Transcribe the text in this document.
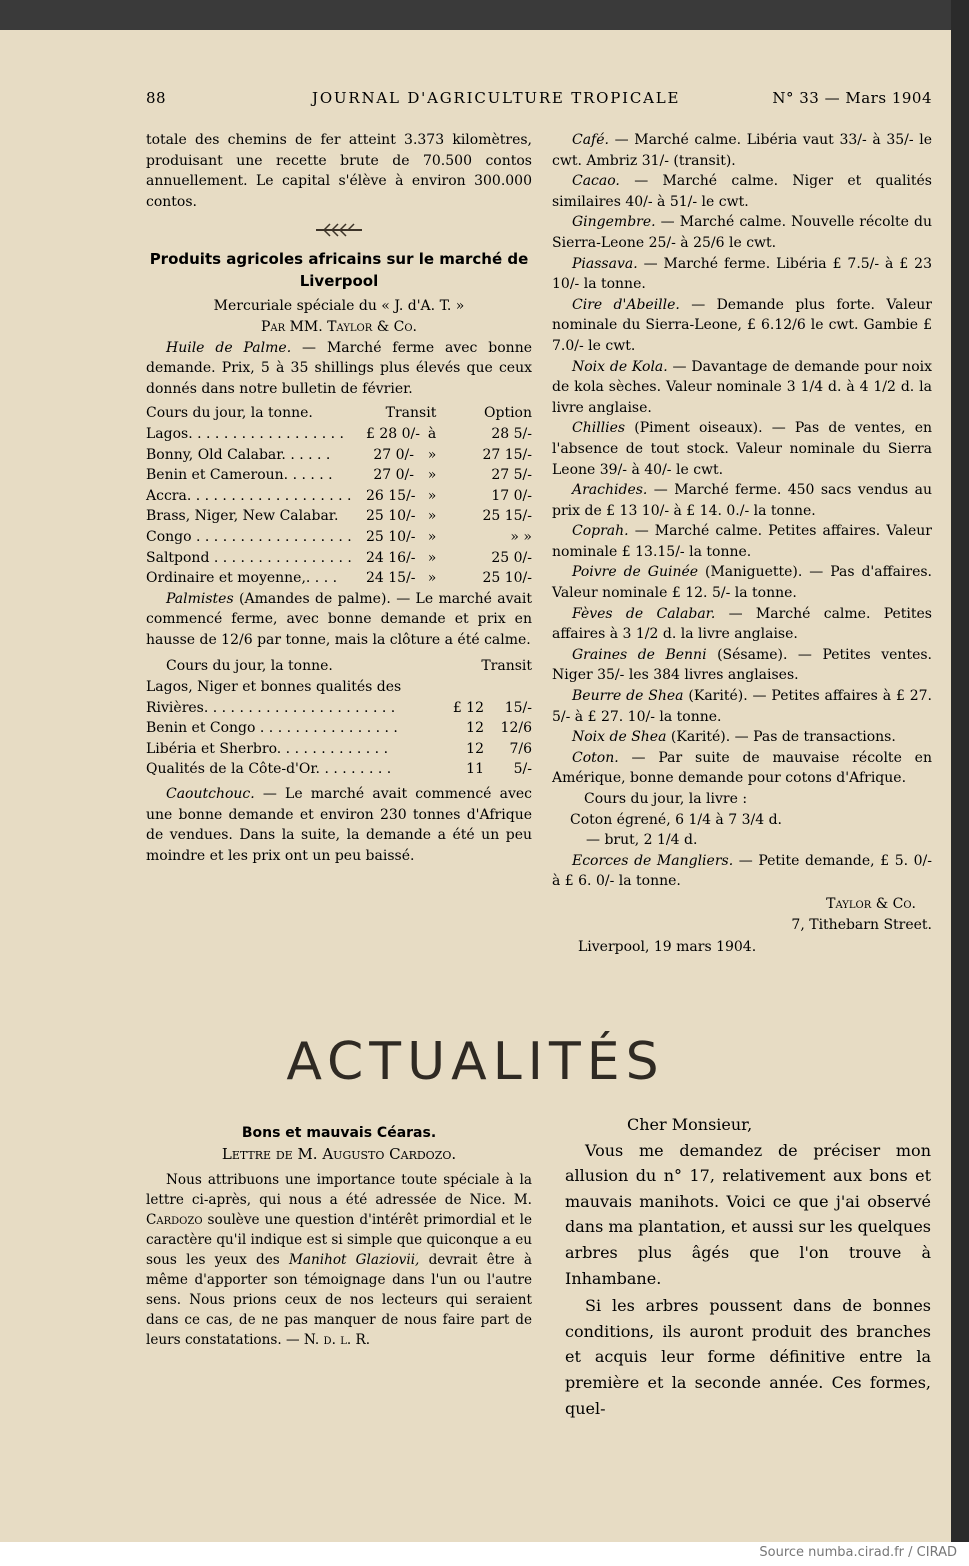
Source numba.cirad.fr / CIRAD
88	JOURNAL D'AGRICULTURE TROPICALE	N° 33 — Mars 1904

totale des chemins de fer atteint 3.373 kilomètres, produisant une recette brute de 70.500 contos annuellement. Le capital s'élève à environ 300.000 contos.

Produits agricoles africains sur le marché de Liverpool

Mercuriale spéciale du « J. d'A. T. »

Par MM. Taylor & Co.

Huile de Palme. — Marché ferme avec bonne demande. Prix, 5 à 35 shillings plus élevés que ceux donnés dans notre bulletin de février.

Cours du jour, la tonne.	Transit	Option
Lagos. . . . . . . . . . . . . . . . . .	£ 28 0/- à	28 5/-
Bonny, Old Calabar. . . . . .	27 0/- »	27 15/-
Benin et Cameroun. . . . . .	27 0/- »	27 5/-
Accra. . . . . . . . . . . . . . . . . . .	26 15/- »	17 0/-
Brass, Niger, New Calabar.	25 10/- »	25 15/-
Congo . . . . . . . . . . . . . . . . . .	25 10/- »	» »
Saltpond . . . . . . . . . . . . . . . .	24 16/- »	25 0/-
Ordinaire et moyenne,. . . .	24 15/- »	25 10/-

Palmistes (Amandes de palme). — Le marché avait commencé ferme, avec bonne demande et prix en hausse de 12/6 par tonne, mais la clôture a été calme.

Cours du jour, la tonne.	Transit
Lagos, Niger et bonnes qualités des
Rivières. . . . . . . . . . . . . . . . . . . . . .	£ 12	15/-
Benin et Congo . . . . . . . . . . . . . . . .	12	12/6
Libéria et Sherbro. . . . . . . . . . . . .	12	7/6
Qualités de la Côte-d'Or. . . . . . . . .	11	5/-

Caoutchouc. — Le marché avait commencé avec une bonne demande et environ 230 tonnes d'Afrique de vendues. Dans la suite, la demande a été un peu moindre et les prix ont un peu baissé.

Café. — Marché calme. Libéria vaut 33/- à 35/- le cwt. Ambriz 31/- (transit).

Cacao. — Marché calme. Niger et qualités similaires 40/- à 51/- le cwt.

Gingembre. — Marché calme. Nouvelle récolte du Sierra-Leone 25/- à 25/6 le cwt.

Piassava. — Marché ferme. Libéria £ 7.5/- à £ 23 10/- la tonne.

Cire d'Abeille. — Demande plus forte. Valeur nominale du Sierra-Leone, £ 6.12/6 le cwt. Gambie £ 7.0/- le cwt.

Noix de Kola. — Davantage de demande pour noix de kola sèches. Valeur nominale 3 1/4 d. à 4 1/2 d. la livre anglaise.

Chillies (Piment oiseaux). — Pas de ventes, en l'absence de tout stock. Valeur nominale du Sierra Leone 39/- à 40/- le cwt.

Arachides. — Marché ferme. 450 sacs vendus au prix de £ 13 10/- à £ 14. 0./- la tonne.

Coprah. — Marché calme. Petites affaires. Valeur nominale £ 13.15/- la tonne.

Poivre de Guinée (Maniguette). — Pas d'affaires. Valeur nominale £ 12. 5/- la tonne.

Fèves de Calabar. — Marché calme. Petites affaires à 3 1/2 d. la livre anglaise.

Graines de Benni (Sésame). — Petites ventes. Niger 35/- les 384 livres anglaises.

Beurre de Shea (Karité). — Petites affaires à £ 27. 5/- à £ 27. 10/- la tonne.

Noix de Shea (Karité). — Pas de transactions.

Coton. — Par suite de mauvaise récolte en Amérique, bonne demande pour cotons d'Afrique.

Cours du jour, la livre :

Coton égrené, 6 1/4 à 7 3/4 d.

— brut, 2 1/4 d.

Ecorces de Mangliers. — Petite demande, £ 5. 0/- à £ 6. 0/- la tonne.

Taylor & Co.

7, Tithebarn Street.

Liverpool, 19 mars 1904.

ACTUALITÉS
Bons et mauvais Céaras.

Lettre de M. Augusto Cardozo.

Nous attribuons une importance toute spéciale à la lettre ci-après, qui nous a été adressée de Nice. M. Cardozo soulève une question d'intérêt primordial et le caractère qu'il indique est si simple que quiconque a eu sous les yeux des Manihot Glaziovii, devrait être à même d'apporter son témoignage dans l'un ou l'autre sens. Nous prions ceux de nos lecteurs qui seraient dans ce cas, de ne pas manquer de nous faire part de leurs constatations. — N. d. l. R.

Cher Monsieur,

Vous me demandez de préciser mon allusion du n° 17, relativement aux bons et mauvais manihots. Voici ce que j'ai observé dans ma plantation, et aussi sur les quelques arbres plus âgés que l'on trouve à Inhambane.

Si les arbres poussent dans de bonnes conditions, ils auront produit des branches et acquis leur forme définitive entre la première et la seconde année. Ces formes, quel-
